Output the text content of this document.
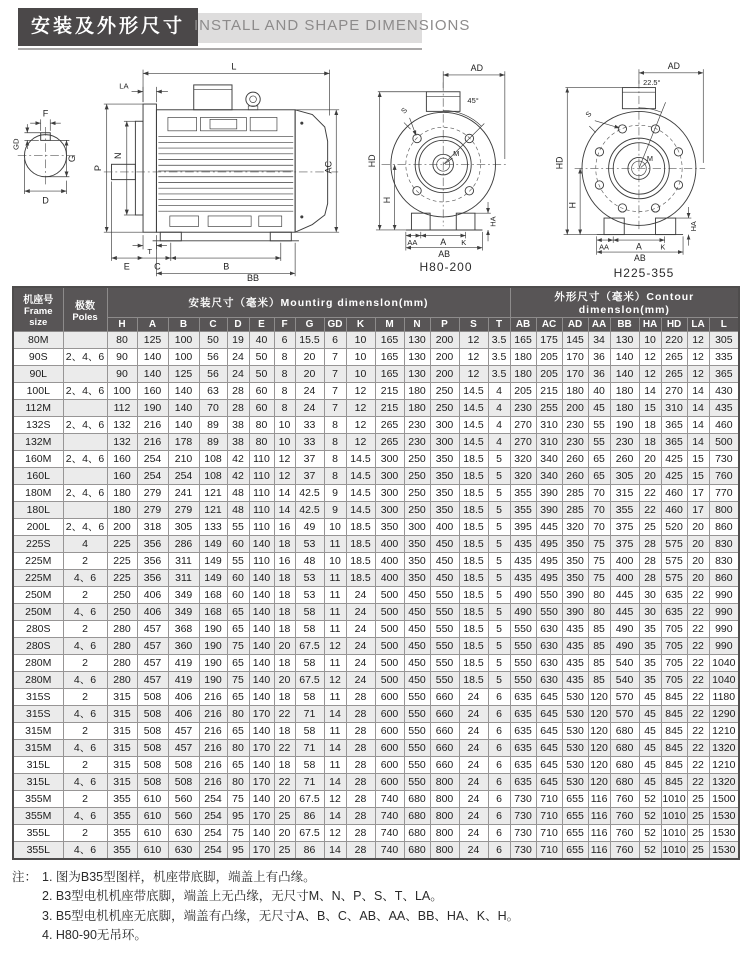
安装及外形尺寸 INSTALL AND SHAPE DIMENSIONS
F
GD
G
D
L
LA
P
N
AC
T
E	C	B
BB
AD
45°
S
M
HD
H
HA
AA A K
AB
H80-200
AD
22.5°
S
M
HD
H
HA
AA	A K
AB
H225-355
机座号
Frame size

极数
Poles
	安装尺寸（毫米）Mountirg dimenslon(mm)	外形尺寸（毫米）Contour dimenslon(mm)
		H	A	B	C	D	E	F	G	GD	K	M	N	P	S	T	AB	AC	AD	AA	BB	HA	HD	LA	L
80M		80	125	100	50	19	40	6	15.5	6	10	165	130	200	12	3.5	165	175	145	34	130	10	220	12	305
90S	2、4、6	90	140	100	56	24	50	8	20	7	10	165	130	200	12	3.5	180	205	170	36	140	12	265	12	335
90L		90	140	125	56	24	50	8	20	7	10	165	130	200	12	3.5	180	205	170	36	140	12	265	12	365
100L	2、4、6	100	160	140	63	28	60	8	24	7	12	215	180	250	14.5	4	205	215	180	40	180	14	270	14	430
112M		112	190	140	70	28	60	8	24	7	12	215	180	250	14.5	4	230	255	200	45	180	15	310	14	435
132S	2、4、6	132	216	140	89	38	80	10	33	8	12	265	230	300	14.5	4	270	310	230	55	190	18	365	14	460
132M		132	216	178	89	38	80	10	33	8	12	265	230	300	14.5	4	270	310	230	55	230	18	365	14	500
160M	2、4、6	160	254	210	108	42	110	12	37	8	14.5	300	250	350	18.5	5	320	340	260	65	260	20	425	15	730
160L		160	254	254	108	42	110	12	37	8	14.5	300	250	350	18.5	5	320	340	260	65	305	20	425	15	760
180M	2、4、6	180	279	241	121	48	110	14	42.5	9	14.5	300	250	350	18.5	5	355	390	285	70	315	22	460	17	770
180L		180	279	279	121	48	110	14	42.5	9	14.5	300	250	350	18.5	5	355	390	285	70	355	22	460	17	800
200L	2、4、6	200	318	305	133	55	110	16	49	10	18.5	350	300	400	18.5	5	395	445	320	70	375	25	520	20	860
225S	4	225	356	286	149	60	140	18	53	11	18.5	400	350	450	18.5	5	435	495	350	75	375	28	575	20	830
225M	2	225	356	311	149	55	110	16	48	10	18.5	400	350	450	18.5	5	435	495	350	75	400	28	575	20	830
225M	4、6	225	356	311	149	60	140	18	53	11	18.5	400	350	450	18.5	5	435	495	350	75	400	28	575	20	860
250M	2	250	406	349	168	60	140	18	53	11	24	500	450	550	18.5	5	490	550	390	80	445	30	635	22	990
250M	4、6	250	406	349	168	65	140	18	58	11	24	500	450	550	18.5	5	490	550	390	80	445	30	635	22	990
280S	2	280	457	368	190	65	140	18	58	11	24	500	450	550	18.5	5	550	630	435	85	490	35	705	22	990
280S	4、6	280	457	360	190	75	140	20	67.5	12	24	500	450	550	18.5	5	550	630	435	85	490	35	705	22	990
280M	2	280	457	419	190	65	140	18	58	11	24	500	450	550	18.5	5	550	630	435	85	540	35	705	22	1040
280M	4、6	280	457	419	190	75	140	20	67.5	12	24	500	450	550	18.5	5	550	630	435	85	540	35	705	22	1040
315S	2	315	508	406	216	65	140	18	58	11	28	600	550	660	24	6	635	645	530	120	570	45	845	22	1180
315S	4、6	315	508	406	216	80	170	22	71	14	28	600	550	660	24	6	635	645	530	120	570	45	845	22	1290
315M	2	315	508	457	216	65	140	18	58	11	28	600	550	660	24	6	635	645	530	120	680	45	845	22	1210
315M	4、6	315	508	457	216	80	170	22	71	14	28	600	550	660	24	6	635	645	530	120	680	45	845	22	1320
315L	2	315	508	508	216	65	140	18	58	11	28	600	550	660	24	6	635	645	530	120	680	45	845	22	1210
315L	4、6	315	508	508	216	80	170	22	71	14	28	600	550	800	24	6	635	645	530	120	680	45	845	22	1320
355M	2	355	610	560	254	75	140	20	67.5	12	28	740	680	800	24	6	730	710	655	116	760	52	1010	25	1500
355M	4、6	355	610	560	254	95	170	25	86	14	28	740	680	800	24	6	730	710	655	116	760	52	1010	25	1530
355L	2	355	610	630	254	75	140	20	67.5	12	28	740	680	800	24	6	730	710	655	116	760	52	1010	25	1530
355L	4、6	355	610	630	254	95	170	25	86	14	28	740	680	800	24	6	730	710	655	116	760	52	1010	25	1530
注： 1. 图为B35型图样，机座带底脚，端盖上有凸缘。
2. B3型电机机座带底脚，端盖上无凸缘，无尺寸M、N、P、S、T、LA。
3. B5型电机机座无底脚，端盖有凸缘，无尺寸A、B、C、AB、AA、BB、HA、K、H。
4. H80-90无吊环。
